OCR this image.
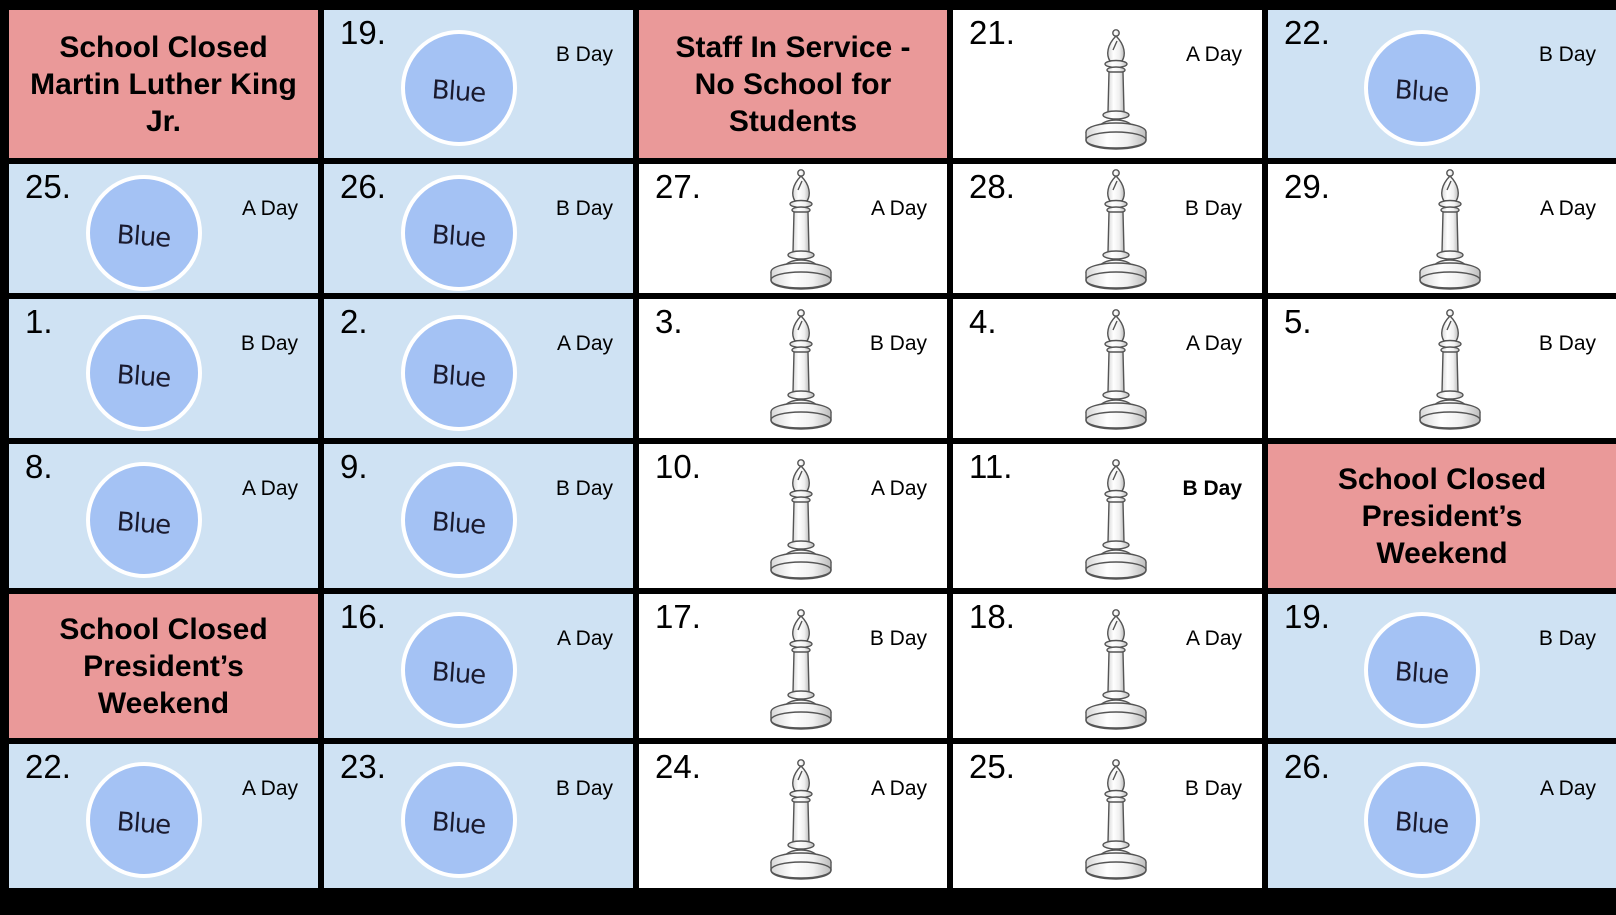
School Closed
Martin Luther King
Jr.
19.
B Day
Blue
Staff In Service -
No School for
Students
21.
A Day
22.
B Day
Blue
25.
A Day
Blue
26.
B Day
Blue
27.
A Day
28.
B Day
29.
A Day
1.
B Day
Blue
2.
A Day
Blue
3.
B Day
4.
A Day
5.
B Day
8.
A Day
Blue
9.
B Day
Blue
10.
A Day
11.
B Day	School Closed
President’s
Weekend
School Closed
President’s
Weekend
16.
A Day
Blue
17.
B Day
18.
A Day
19.
B Day
Blue
22.
A Day
Blue
23.
B Day
Blue
24.
A Day
25.
B Day
26.
A Day
Blue
